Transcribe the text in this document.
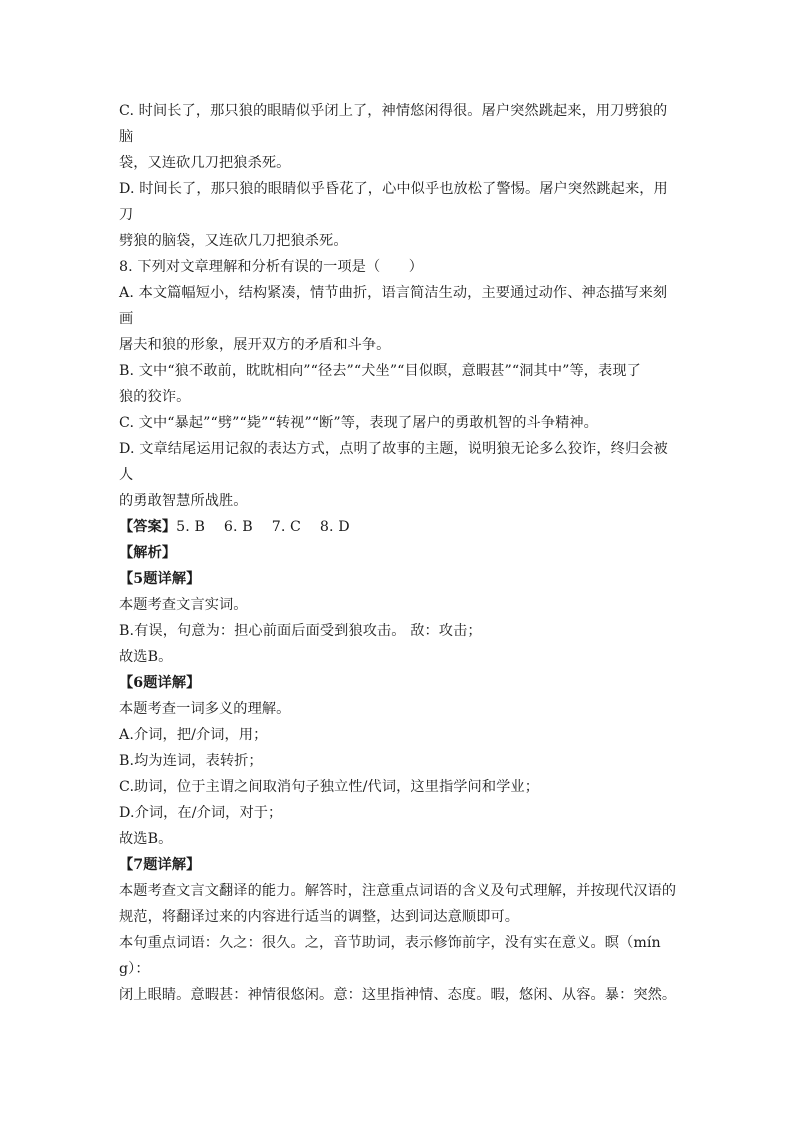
C. 时间长了，那只狼的眼睛似乎闭上了，神情悠闲得很。屠户突然跳起来，用刀劈狼的脑

袋，又连砍几刀把狼杀死。

D. 时间长了，那只狼的眼睛似乎昏花了，心中似乎也放松了警惕。屠户突然跳起来，用刀

劈狼的脑袋，又连砍几刀把狼杀死。

8. 下列对文章理解和分析有误的一项是（　　）

A. 本文篇幅短小，结构紧凑，情节曲折，语言简洁生动，主要通过动作、神态描写来刻画

屠夫和狼的形象，展开双方的矛盾和斗争。

B. 文中“狼不敢前，眈眈相向”“径去”“犬坐”“目似瞑，意暇甚”“洞其中”等，表现了

狼的狡诈。

C. 文中“暴起”“劈”“毙”“转视”“断”等，表现了屠户的勇敢机智的斗争精神。

D. 文章结尾运用记叙的表达方式，点明了故事的主题，说明狼无论多么狡诈，终归会被人

的勇敢智慧所战胜。

【答案】5. B　 6. B　 7. C　 8. D

【解析】

【5题详解】

本题考查文言实词。

B.有误，句意为：担心前面后面受到狼攻击。 敌：攻击；

故选B。

【6题详解】

本题考查一词多义的理解。

A.介词，把/介词，用；

B.均为连词，表转折；

C.助词，位于主谓之间取消句子独立性/代词，这里指学问和学业；

D.介词，在/介词，对于；

故选B。

【7题详解】

本题考查文言文翻译的能力。解答时，注意重点词语的含义及句式理解，并按现代汉语的

规范，将翻译过来的内容进行适当的调整，达到词达意顺即可。

本句重点词语：久之：很久。之，音节助词，表示修饰前字，没有实在意义。瞑（míng）：

闭上眼睛。意暇甚：神情很悠闲。意：这里指神情、态度。暇，悠闲、从容。暴：突然。
